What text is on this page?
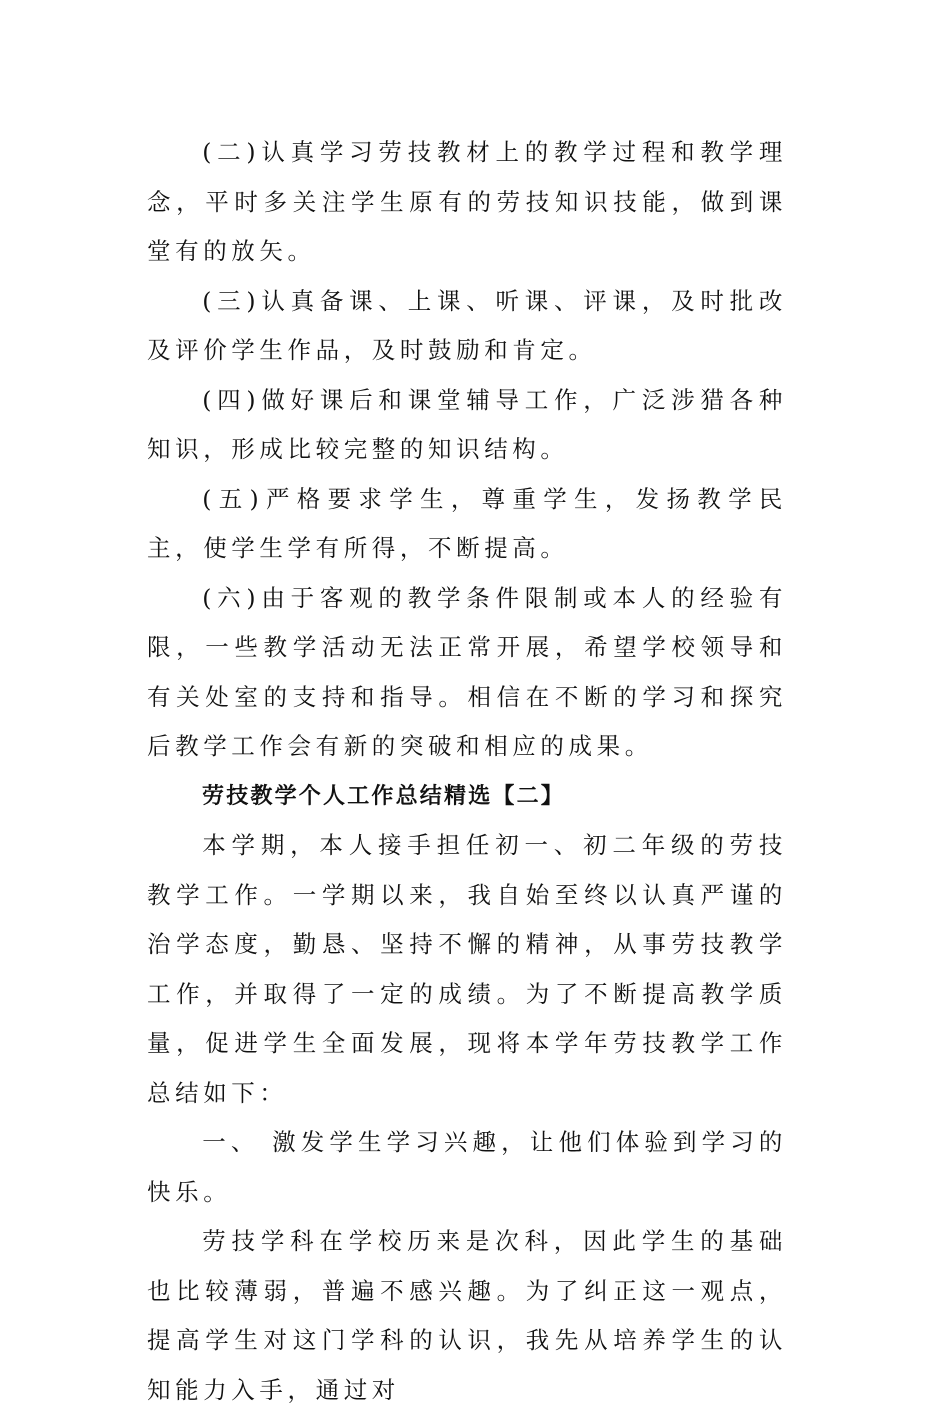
(二)认真学习劳技教材上的教学过程和教学理念，平时多关注学生原有的劳技知识技能，做到课堂有的放矢。

(三)认真备课、上课、听课、评课，及时批改及评价学生作品，及时鼓励和肯定。

(四)做好课后和课堂辅导工作，广泛涉猎各种知识，形成比较完整的知识结构。

(五)严格要求学生，尊重学生，发扬教学民主，使学生学有所得，不断提高。

(六)由于客观的教学条件限制或本人的经验有限，一些教学活动无法正常开展，希望学校领导和有关处室的支持和指导。相信在不断的学习和探究后教学工作会有新的突破和相应的成果。

劳技教学个人工作总结精选【二】

本学期，本人接手担任初一、初二年级的劳技教学工作。一学期以来，我自始至终以认真严谨的治学态度，勤恳、坚持不懈的精神，从事劳技教学工作，并取得了一定的成绩。为了不断提高教学质量，促进学生全面发展，现将本学年劳技教学工作总结如下：

一、 激发学生学习兴趣，让他们体验到学习的快乐。

劳技学科在学校历来是次科，因此学生的基础也比较薄弱，普遍不感兴趣。为了纠正这一观点，提高学生对这门学科的认识，我先从培养学生的认知能力入手，通过对
